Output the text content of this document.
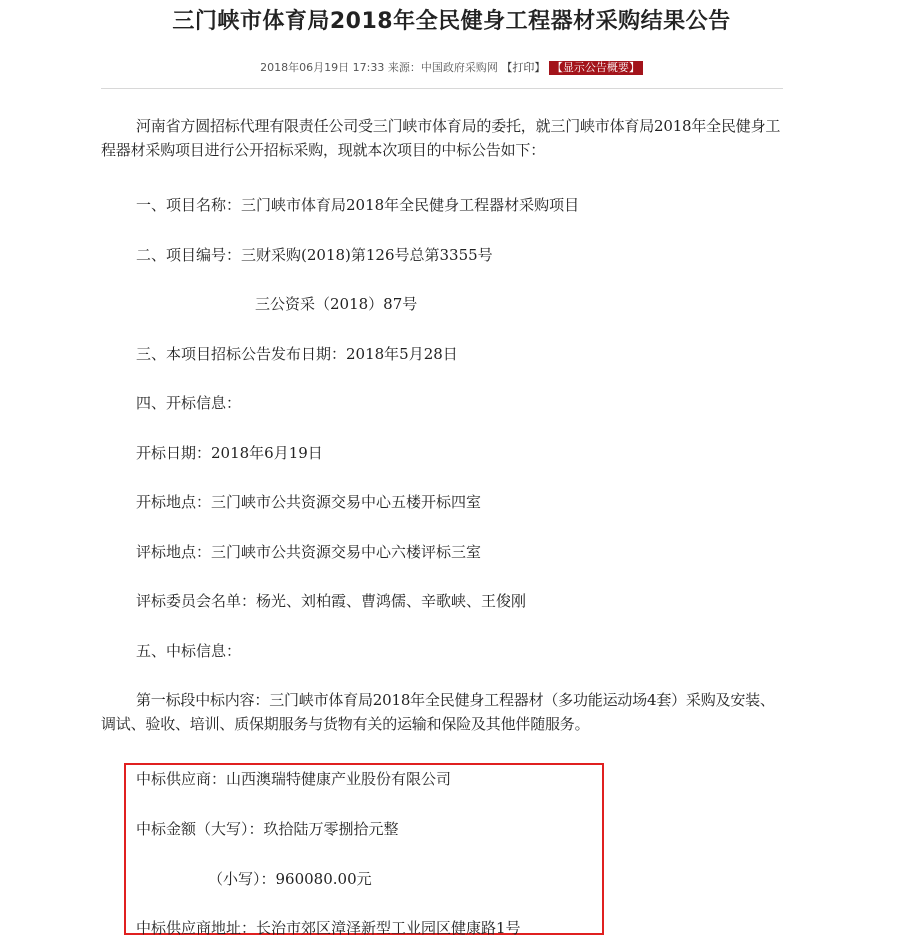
三门峡市体育局2018年全民健身工程器材采购结果公告
2018年06月19日 17:33 来源：中国政府采购网 【打印】 【显示公告概要】
河南省方圆招标代理有限责任公司受三门峡市体育局的委托，就三门峡市体育局2018年全民健身工程器材采购项目进行公开招标采购，现就本次项目的中标公告如下：
一、项目名称：三门峡市体育局2018年全民健身工程器材采购项目
二、项目编号：三财采购(2018)第126号总第3355号
三公资采（2018）87号
三、本项目招标公告发布日期：2018年5月28日
四、开标信息：
开标日期：2018年6月19日
开标地点：三门峡市公共资源交易中心五楼开标四室
评标地点：三门峡市公共资源交易中心六楼评标三室
评标委员会名单：杨光、刘柏霞、曹鸿儒、辛歌峡、王俊刚
五、中标信息：
第一标段中标内容：三门峡市体育局2018年全民健身工程器材（多功能运动场4套）采购及安装、调试、验收、培训、质保期服务与货物有关的运输和保险及其他伴随服务。
中标供应商：山西澳瑞特健康产业股份有限公司
中标金额（大写）：玖拾陆万零捌拾元整
（小写）：960080.00元
中标供应商地址：长治市郊区漳泽新型工业园区健康路1号
